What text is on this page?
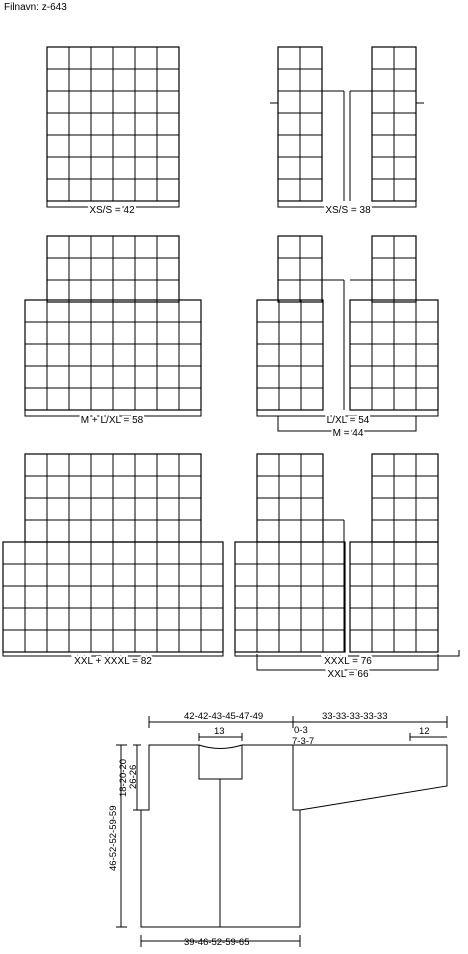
Filnavn: z-643
XS/S = 42	XS/S = 38
M + L/XL = 58	L/XL = 54
M = 44
XXL + XXXL = 82	XXXL = 76
XXL = 66
42-42-43-45-47-49
13
33-33-33-33-33
12
0-3
7-3-7
18-20-20 26-26
46-52-52-59-59
39-46-52-59-65
